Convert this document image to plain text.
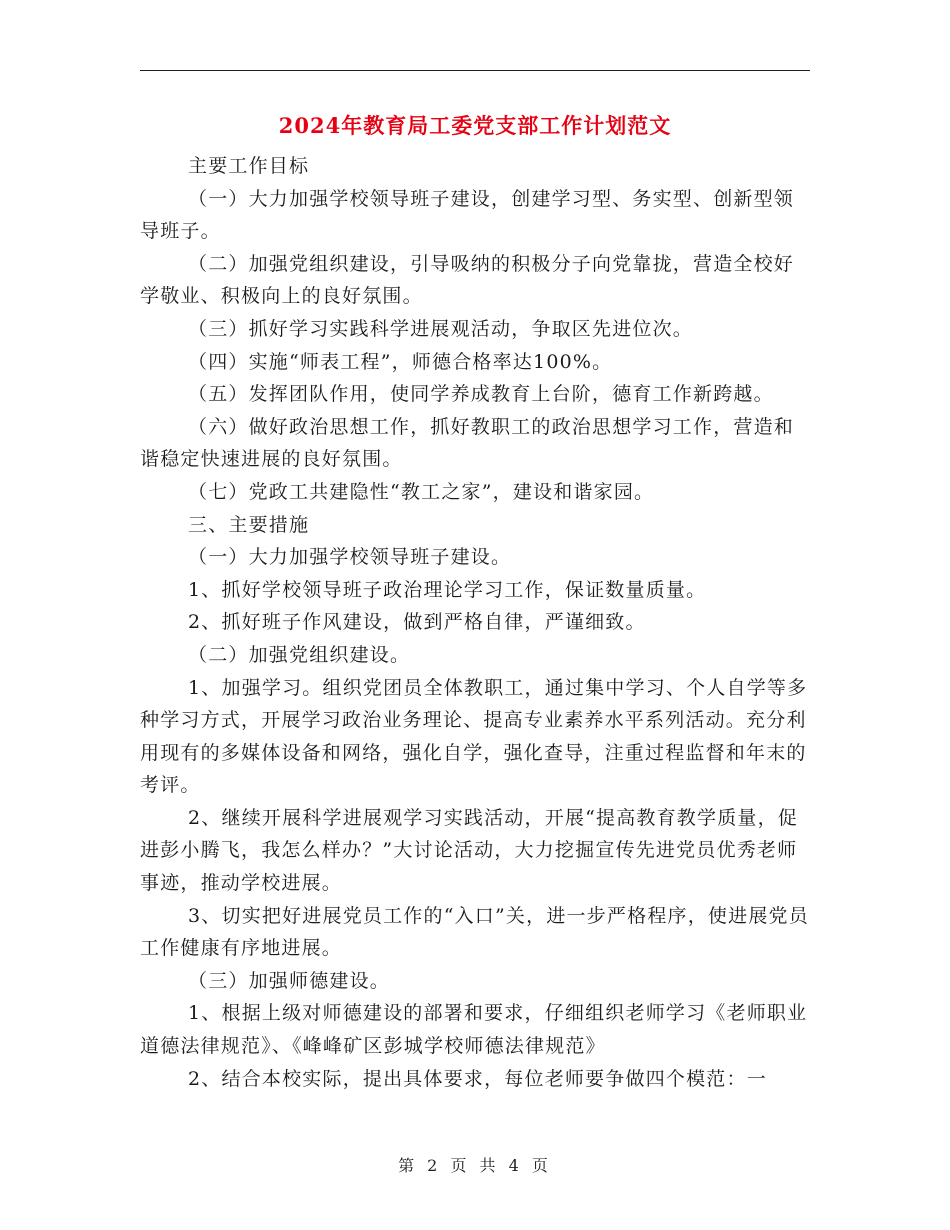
2024年教育局工委党支部工作计划范文

主要工作目标

（一）大力加强学校领导班子建设，创建学习型、务实型、创新型领导班子。

（二）加强党组织建设，引导吸纳的积极分子向党靠拢，营造全校好学敬业、积极向上的良好氛围。

（三）抓好学习实践科学进展观活动，争取区先进位次。

（四）实施“师表工程”，师德合格率达100%。

（五）发挥团队作用，使同学养成教育上台阶，德育工作新跨越。

（六）做好政治思想工作，抓好教职工的政治思想学习工作，营造和谐稳定快速进展的良好氛围。

（七）党政工共建隐性“教工之家”，建设和谐家园。

三、主要措施

（一）大力加强学校领导班子建设。

1、抓好学校领导班子政治理论学习工作，保证数量质量。

2、抓好班子作风建设，做到严格自律，严谨细致。

（二）加强党组织建设。

1、加强学习。组织党团员全体教职工，通过集中学习、个人自学等多种学习方式，开展学习政治业务理论、提高专业素养水平系列活动。充分利用现有的多媒体设备和网络，强化自学，强化查导，注重过程监督和年末的考评。

2、继续开展科学进展观学习实践活动，开展“提高教育教学质量，促进彭小腾飞，我怎么样办？”大讨论活动，大力挖掘宣传先进党员优秀老师事迹，推动学校进展。

3、切实把好进展党员工作的“入口”关，进一步严格程序，使进展党员工作健康有序地进展。

（三）加强师德建设。

1、根据上级对师德建设的部署和要求，仔细组织老师学习《老师职业道德法律规范》、《峰峰矿区彭城学校师德法律规范》

2、结合本校实际，提出具体要求，每位老师要争做四个模范：一

第 2 页 共 4 页
